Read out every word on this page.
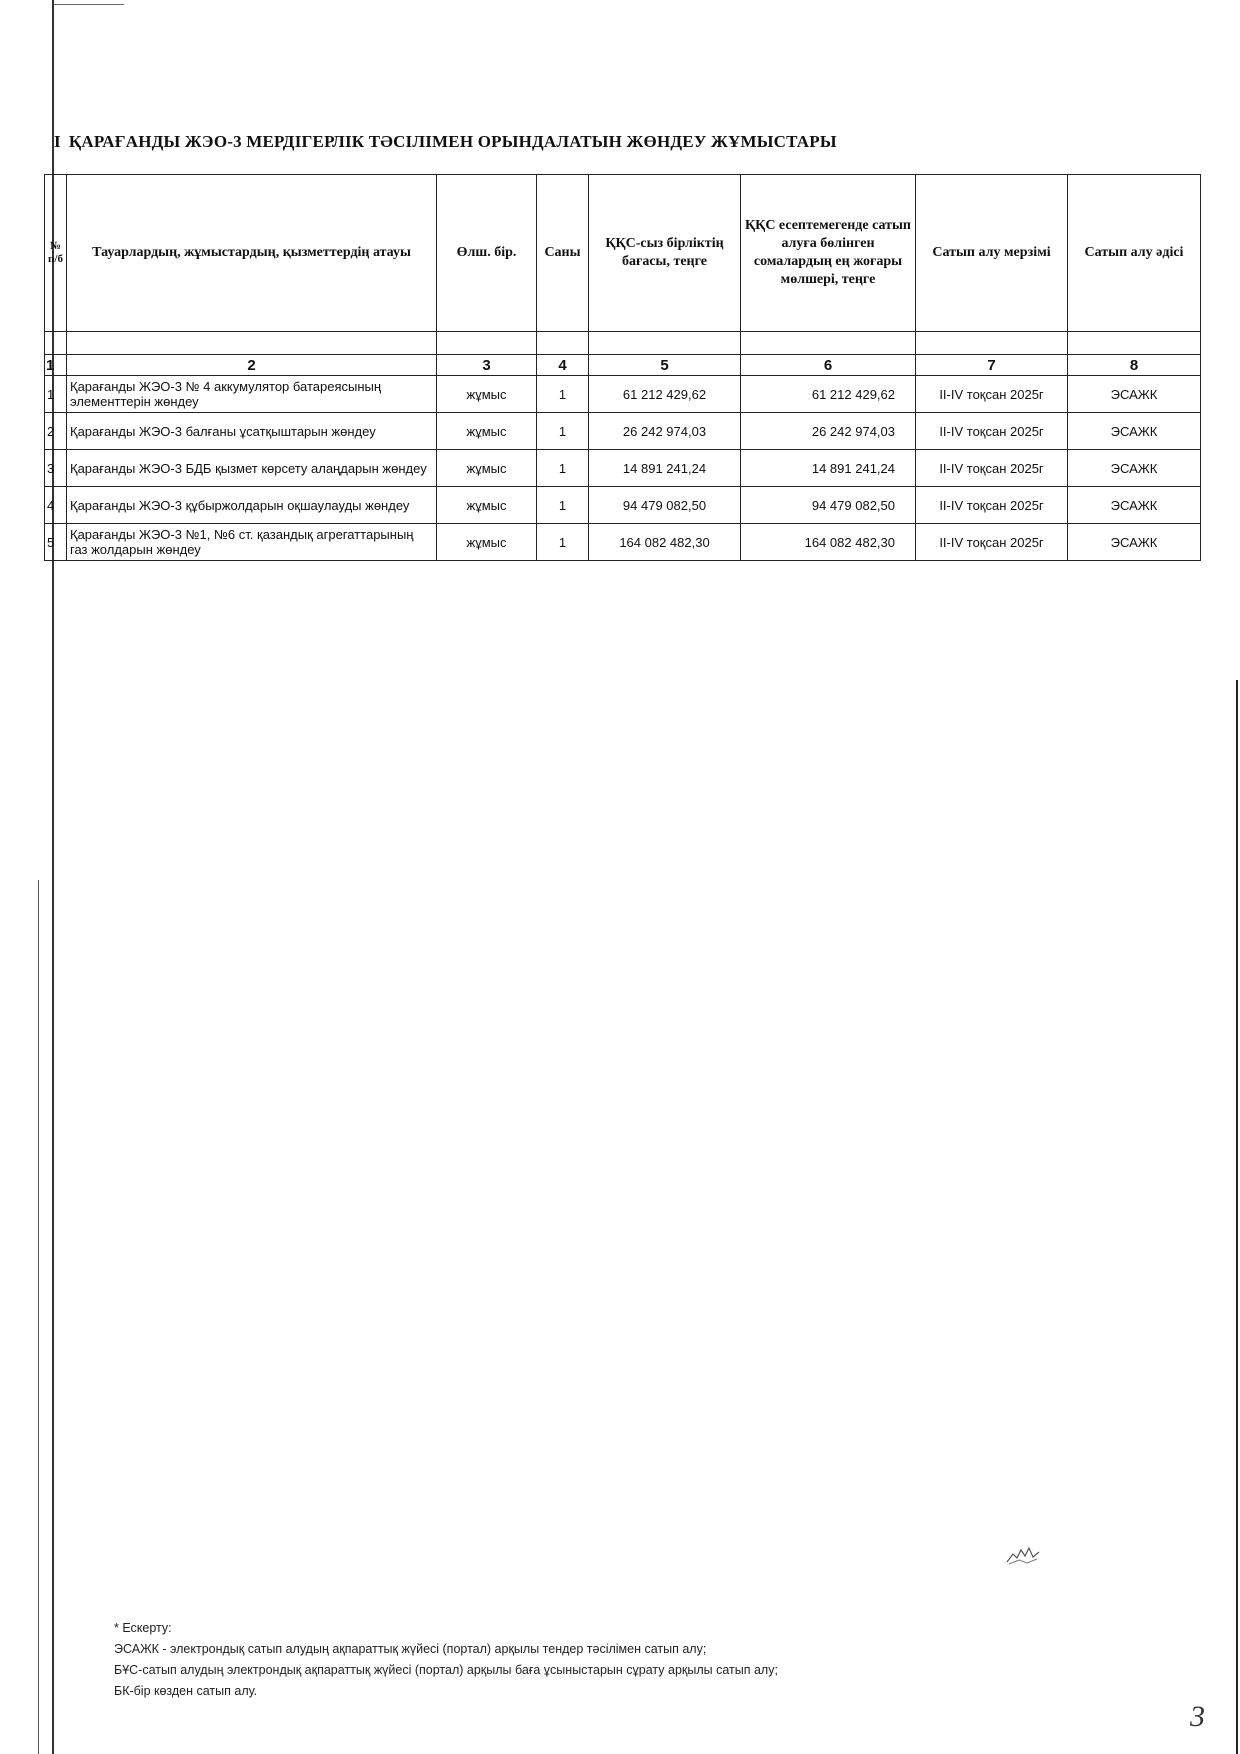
I ҚАРАҒАНДЫ ЖЭО-3 МЕРДІГЕРЛІК ТӘСІЛІМЕН ОРЫНДАЛАТЫН ЖӨНДЕУ ЖҰМЫСТАРЫ
№ п/б	Тауарлардың, жұмыстардың, қызметтердің атауы	Өлш. бір.	Саны	ҚҚС-сыз бірліктің бағасы, теңге	ҚҚС есептемегенде сатып алуға бөлінген сомалардың ең жоғары мөлшері, теңге	Сатып алу мерзімі	Сатып алу әдісі

1	2	3	4	5	6	7	8
1	Қарағанды ЖЭО-3 № 4 аккумулятор батареясының элементтерін жөндеу	жұмыс	1	61 212 429,62	61 212 429,62	II-IV тоқсан 2025г	ЭСАЖК
2	Қарағанды ЖЭО-3 балғаны ұсатқыштарын жөндеу	жұмыс	1	26 242 974,03	26 242 974,03	II-IV тоқсан 2025г	ЭСАЖК
3	Қарағанды ЖЭО-3 БДБ қызмет көрсету алаңдарын жөндеу	жұмыс	1	14 891 241,24	14 891 241,24	II-IV тоқсан 2025г	ЭСАЖК
4	Қарағанды ЖЭО-3 құбыржолдарын оқшаулауды жөндеу	жұмыс	1	94 479 082,50	94 479 082,50	II-IV тоқсан 2025г	ЭСАЖК
5	Қарағанды ЖЭО-3 №1, №6 ст. қазандық агрегаттарының газ жолдарын жөндеу	жұмыс	1	164 082 482,30	164 082 482,30	II-IV тоқсан 2025г	ЭСАЖК
* Ескерту:
ЭСАЖК - электрондық сатып алудың ақпараттық жүйесі (портал) арқылы тендер тәсілімен сатып алу;
БҰС-сатып алудың электрондық ақпараттық жүйесі (портал) арқылы баға ұсыныстарын сұрату арқылы сатып алу;
БК-бір көзден сатып алу.
3
